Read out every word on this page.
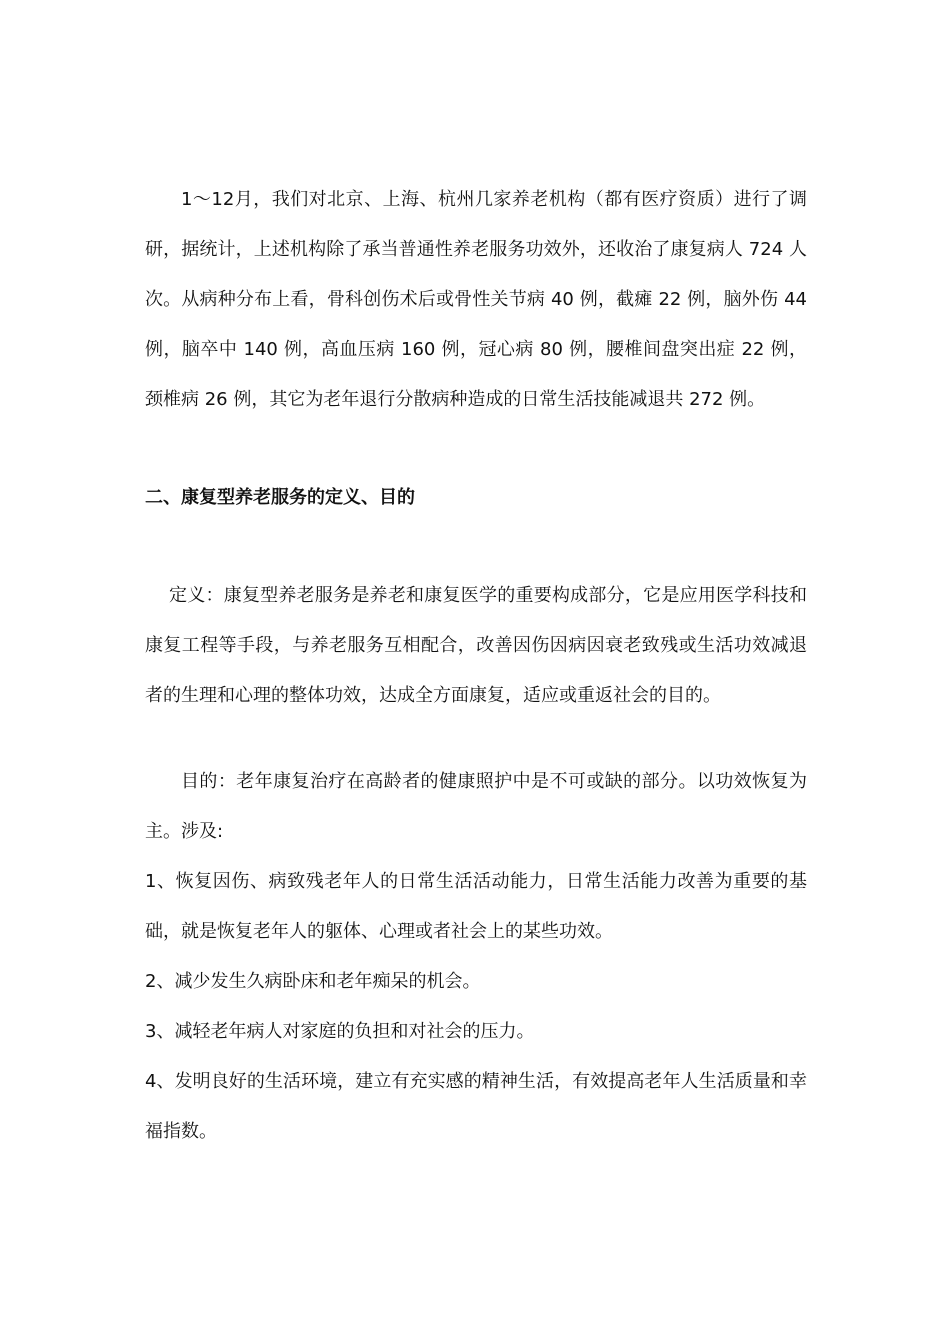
1～12月，我们对北京、上海、杭州几家养老机构（都有医疗资质）进行了调研，据统计，上述机构除了承当普通性养老服务功效外，还收治了康复病人 724 人次。从病种分布上看，骨科创伤术后或骨性关节病 40 例，截瘫 22 例，脑外伤 44 例，脑卒中 140 例，高血压病 160 例，冠心病 80 例，腰椎间盘突出症 22 例，颈椎病 26 例，其它为老年退行分散病种造成的日常生活技能减退共 272 例。

二、康复型养老服务的定义、目的

定义：康复型养老服务是养老和康复医学的重要构成部分，它是应用医学科技和康复工程等手段，与养老服务互相配合，改善因伤因病因衰老致残或生活功效减退者的生理和心理的整体功效，达成全方面康复，适应或重返社会的目的。

目的：老年康复治疗在高龄者的健康照护中是不可或缺的部分。以功效恢复为主。涉及:

1、恢复因伤、病致残老年人的日常生活活动能力，日常生活能力改善为重要的基础，就是恢复老年人的躯体、心理或者社会上的某些功效。

2、减少发生久病卧床和老年痴呆的机会。

3、减轻老年病人对家庭的负担和对社会的压力。

4、发明良好的生活环境，建立有充实感的精神生活，有效提高老年人生活质量和幸福指数。
